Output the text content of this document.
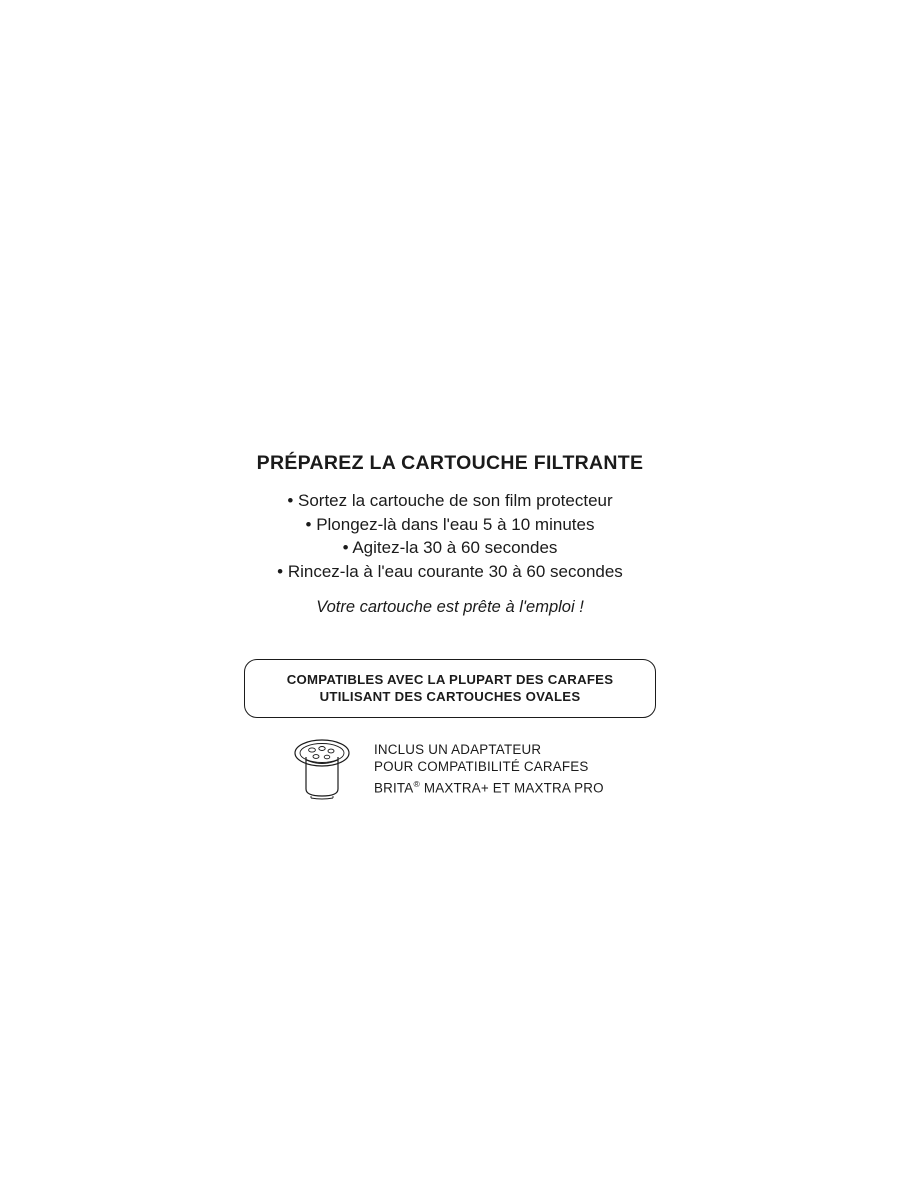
PRÉPAREZ LA CARTOUCHE FILTRANTE
• Sortez la cartouche de son film protecteur
• Plongez-là dans l'eau 5 à 10 minutes
• Agitez-la 30 à 60 secondes
• Rincez-la à l'eau courante 30 à 60 secondes

Votre cartouche est prête à l'emploi !

COMPATIBLES AVEC LA PLUPART DES CARAFES
UTILISANT DES CARTOUCHES OVALES
INCLUS UN ADAPTATEUR
POUR COMPATIBILITÉ CARAFES
BRITA® MAXTRA+ ET MAXTRA PRO
